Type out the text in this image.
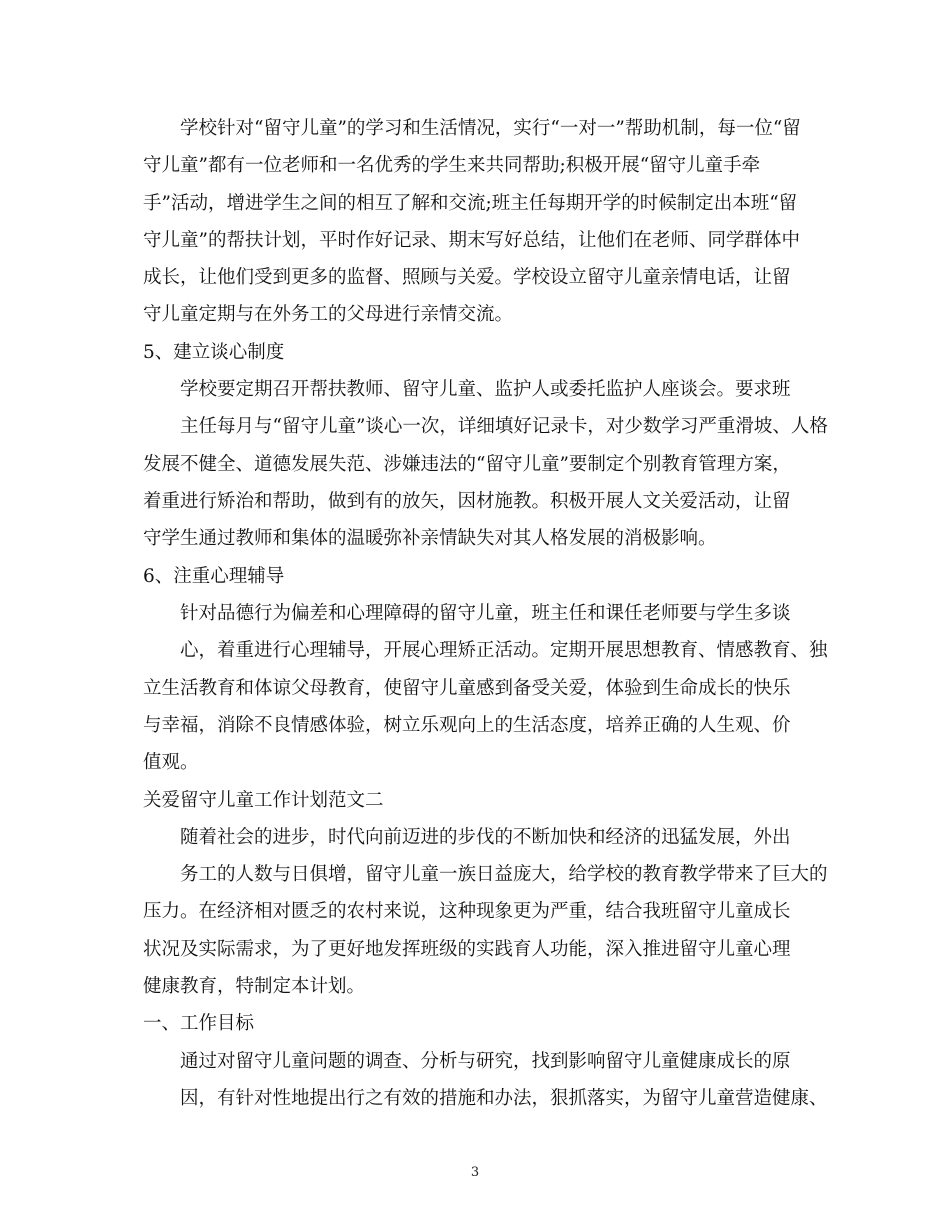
学校针对“留守儿童”的学习和生活情况，实行“一对一”帮助机制，每一位“留
守儿童”都有一位老师和一名优秀的学生来共同帮助;积极开展“留守儿童手牵
手”活动，增进学生之间的相互了解和交流;班主任每期开学的时候制定出本班“留
守儿童”的帮扶计划，平时作好记录、期末写好总结，让他们在老师、同学群体中
成长，让他们受到更多的监督、照顾与关爱。学校设立留守儿童亲情电话，让留
守儿童定期与在外务工的父母进行亲情交流。
5、建立谈心制度
学校要定期召开帮扶教师、留守儿童、监护人或委托监护人座谈会。要求班
主任每月与“留守儿童”谈心一次，详细填好记录卡，对少数学习严重滑坡、人格
发展不健全、道德发展失范、涉嫌违法的“留守儿童”要制定个别教育管理方案，
着重进行矫治和帮助，做到有的放矢，因材施教。积极开展人文关爱活动，让留
守学生通过教师和集体的温暖弥补亲情缺失对其人格发展的消极影响。
6、注重心理辅导
针对品德行为偏差和心理障碍的留守儿童，班主任和课任老师要与学生多谈
心，着重进行心理辅导，开展心理矫正活动。定期开展思想教育、情感教育、独
立生活教育和体谅父母教育，使留守儿童感到备受关爱，体验到生命成长的快乐
与幸福，消除不良情感体验，树立乐观向上的生活态度，培养正确的人生观、价
值观。
关爱留守儿童工作计划范文二
随着社会的进步，时代向前迈进的步伐的不断加快和经济的迅猛发展，外出
务工的人数与日俱增，留守儿童一族日益庞大，给学校的教育教学带来了巨大的
压力。在经济相对匮乏的农村来说，这种现象更为严重，结合我班留守儿童成长
状况及实际需求，为了更好地发挥班级的实践育人功能，深入推进留守儿童心理
健康教育，特制定本计划。
一、工作目标
通过对留守儿童问题的调查、分析与研究，找到影响留守儿童健康成长的原
因，有针对性地提出行之有效的措施和办法，狠抓落实，为留守儿童营造健康、
3
